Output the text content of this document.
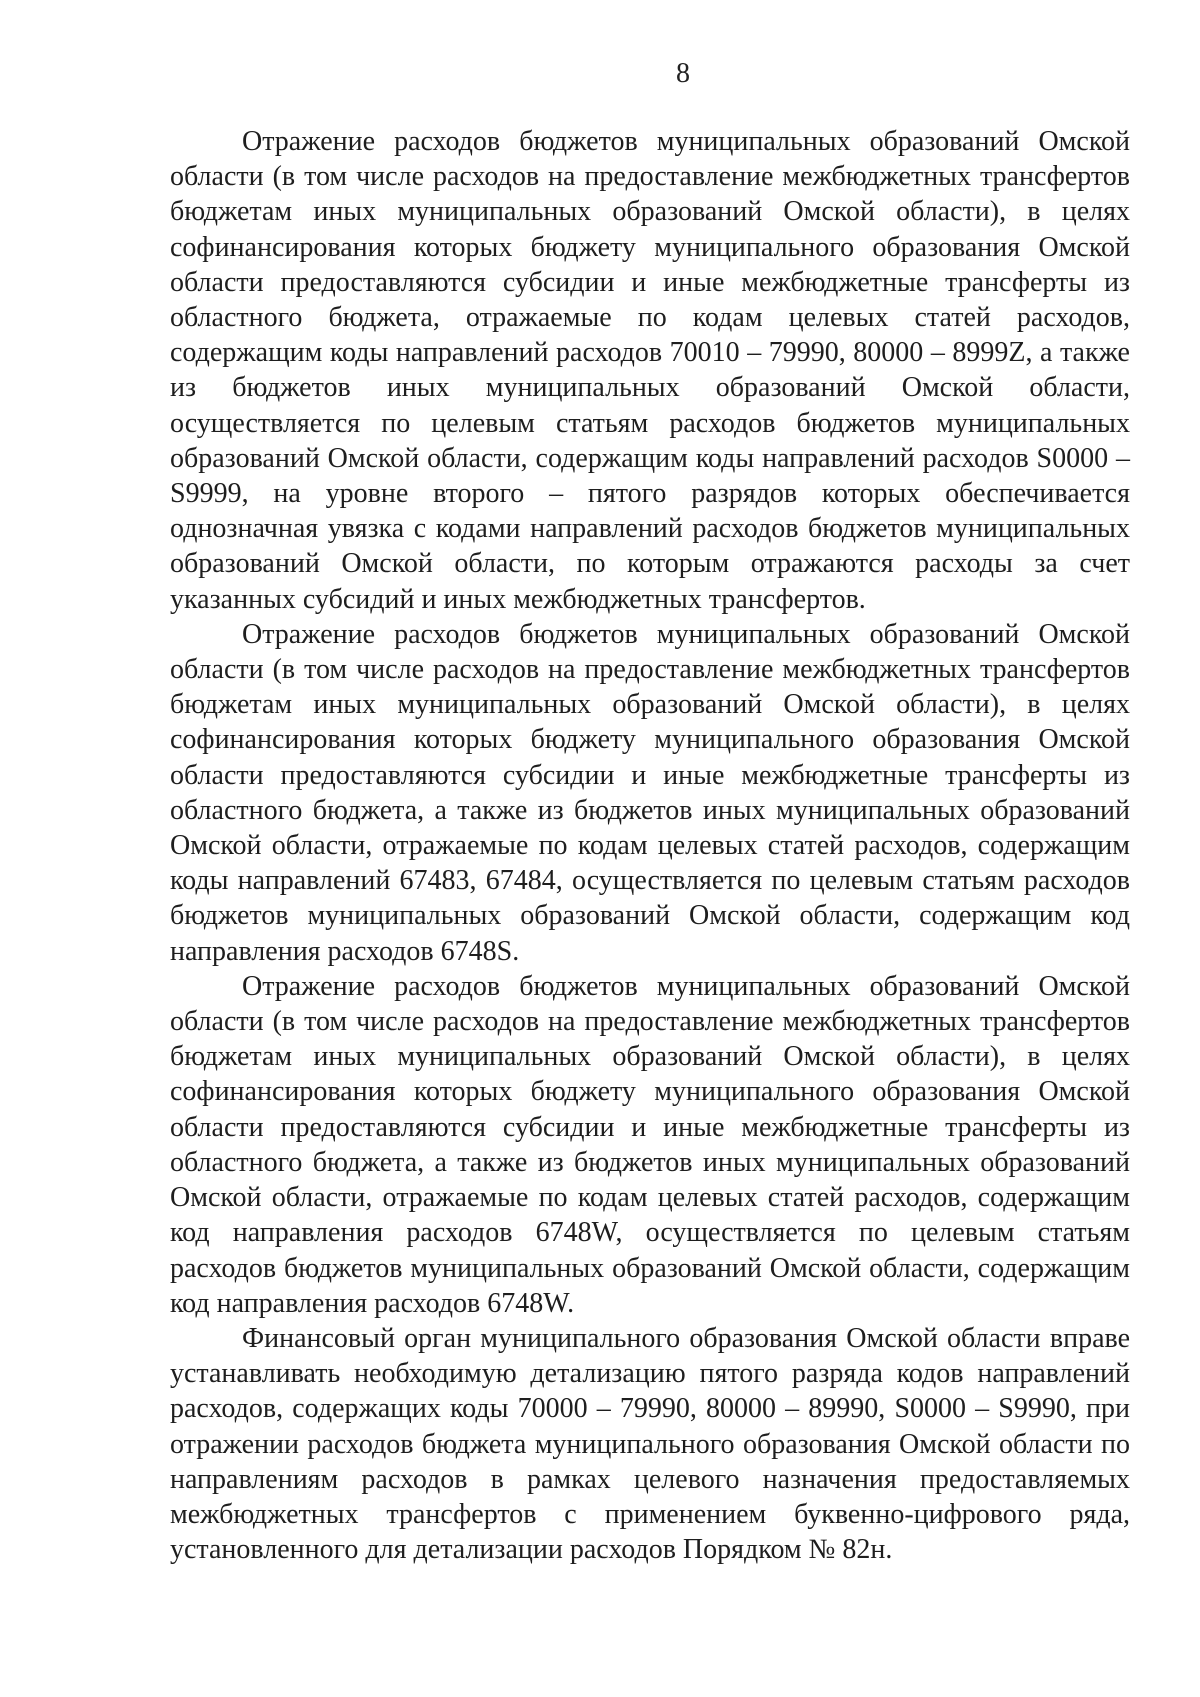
8

Отражение расходов бюджетов муниципальных образований Омской области (в том числе расходов на предоставление межбюджетных трансфертов бюджетам иных муниципальных образований Омской области), в целях софинансирования которых бюджету муниципального образования Омской области предоставляются субсидии и иные межбюджетные трансферты из областного бюджета, отражаемые по кодам целевых статей расходов, содержащим коды направлений расходов 70010 – 79990, 80000 – 8999Z, а также из бюджетов иных муниципальных образований Омской области, осуществляется по целевым статьям расходов бюджетов муниципальных образований Омской области, содержащим коды направлений расходов S0000 – S9999, на уровне второго – пятого разрядов которых обеспечивается однозначная увязка с кодами направлений расходов бюджетов муниципальных образований Омской области, по которым отражаются расходы за счет указанных субсидий и иных межбюджетных трансфертов.

Отражение расходов бюджетов муниципальных образований Омской области (в том числе расходов на предоставление межбюджетных трансфертов бюджетам иных муниципальных образований Омской области), в целях софинансирования которых бюджету муниципального образования Омской области предоставляются субсидии и иные межбюджетные трансферты из областного бюджета, а также из бюджетов иных муниципальных образований Омской области, отражаемые по кодам целевых статей расходов, содержащим коды направлений 67483, 67484, осуществляется по целевым статьям расходов бюджетов муниципальных образований Омской области, содержащим код направления расходов 6748S.

Отражение расходов бюджетов муниципальных образований Омской области (в том числе расходов на предоставление межбюджетных трансфертов бюджетам иных муниципальных образований Омской области), в целях софинансирования которых бюджету муниципального образования Омской области предоставляются субсидии и иные межбюджетные трансферты из областного бюджета, а также из бюджетов иных муниципальных образований Омской области, отражаемые по кодам целевых статей расходов, содержащим код направления расходов 6748W, осуществляется по целевым статьям расходов бюджетов муниципальных образований Омской области, содержащим код направления расходов 6748W.

Финансовый орган муниципального образования Омской области вправе устанавливать необходимую детализацию пятого разряда кодов направлений расходов, содержащих коды 70000 – 79990, 80000 – 89990, S0000 – S9990, при отражении расходов бюджета муниципального образования Омской области по направлениям расходов в рамках целевого назначения предоставляемых межбюджетных трансфертов с применением буквенно-цифрового ряда, установленного для детализации расходов Порядком № 82н.
